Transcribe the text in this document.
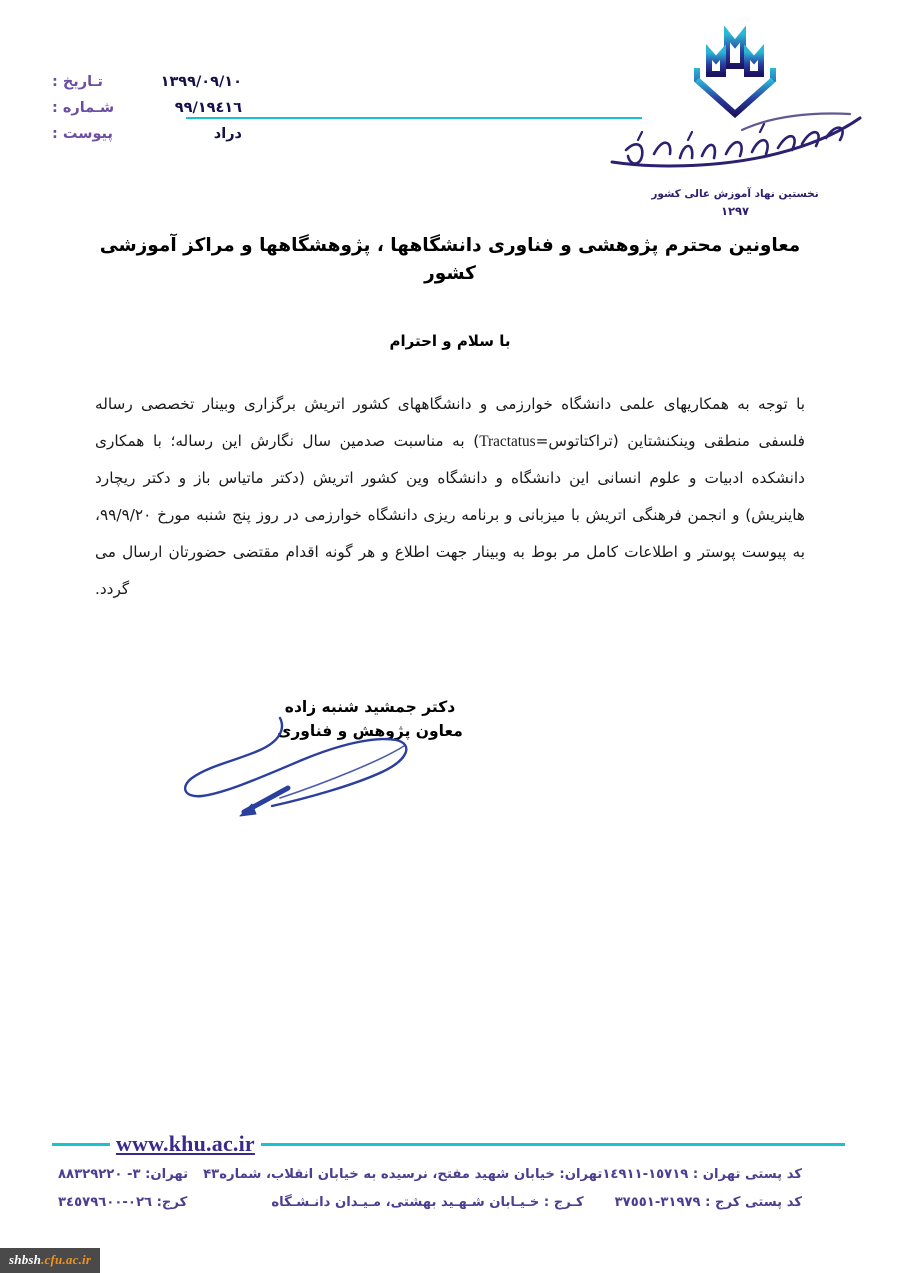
تـاريخ :	١٣٩٩/٠٩/١٠
شـماره :	٩٩/١٩٤١٦
پيوست :	دارد
نخستین نهاد آموزش عالی کشور
١٢٩٧
معاونین محترم پژوهشی و فناوری دانشگاهها ، پژوهشگاهها و مراکز آموزشی کشور
با سلام و احترام

با توجه به همکاریهای علمی دانشگاه خوارزمی و دانشگاههای کشور اتریش برگزاری وبینار تخصصی رساله فلسفی منطقی وینکنشتاین (تراکتاتوس=Tractatus) به مناسبت صدمین سال نگارش این رساله؛ با همکاری دانشکده ادبیات و علوم انسانی این دانشگاه و دانشگاه وین کشور اتریش (دکتر ماتیاس باز و دکتر ریچارد هاینریش) و انجمن فرهنگی اتریش با میزبانی و برنامه ریزی دانشگاه خوارزمی در روز پنج شنبه مورخ ٩٩/٩/٢٠، به پیوست پوستر و اطلاعات کامل مر بوط به وبینار جهت اطلاع و هر گونه اقدام مقتضی حضورتان ارسال می گردد.

دکتر جمشید شنبه زاده
معاون پژوهش و فناوری
www.khu.ac.ir
کد پستی تهران : ١٥٧١٩-١٤٩١١
تهران: خیابان شهید مفتح، نرسیده به خیابان انقلاب، شماره۴۳
تهران: ٣- ٨٨٣٢٩٢٢٠
کد پستی کرج : ٣١٩٧٩-٣٧٥٥١
کـرج : خـیـابان شـهـید بهشتی، مـیـدان دانـشـگاه
کرج: ٠٢٦-٣٤٥٧٩٦٠٠
shbsh.cfu.ac.ir
